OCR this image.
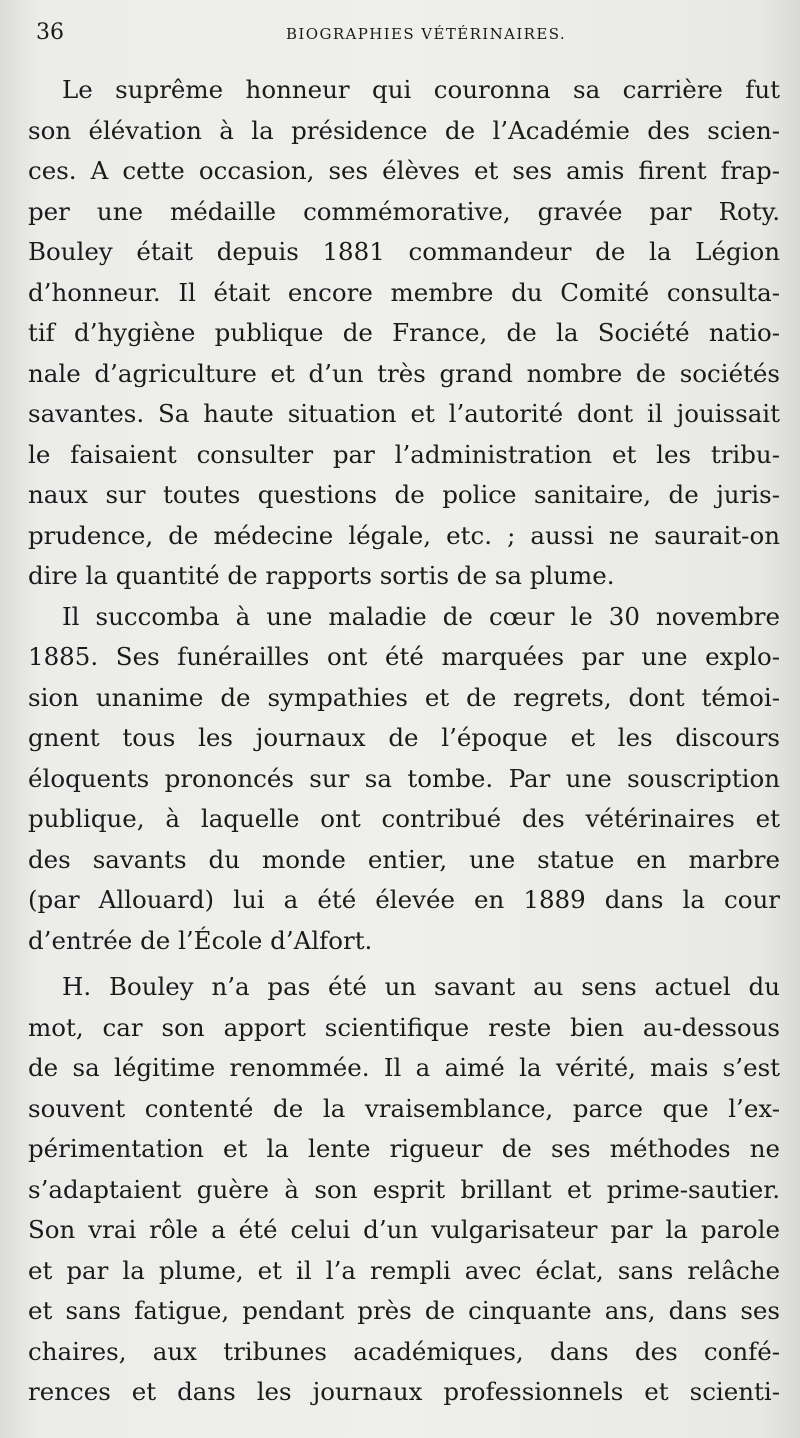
36	BIOGRAPHIES VÉTÉRINAIRES.
Le suprême honneur qui couronna sa carrière fut
son élévation à la présidence de l’Académie des scien-
ces. A cette occasion, ses élèves et ses amis firent frap-
per une médaille commémorative, gravée par Roty.
Bouley était depuis 1881 commandeur de la Légion
d’honneur. Il était encore membre du Comité consulta-
tif d’hygiène publique de France, de la Société natio-
nale d’agriculture et d’un très grand nombre de sociétés
savantes. Sa haute situation et l’autorité dont il jouissait
le faisaient consulter par l’administration et les tribu-
naux sur toutes questions de police sanitaire, de juris-
prudence, de médecine légale, etc. ; aussi ne saurait-on
dire la quantité de rapports sortis de sa plume.
Il succomba à une maladie de cœur le 30 novembre
1885. Ses funérailles ont été marquées par une explo-
sion unanime de sympathies et de regrets, dont témoi-
gnent tous les journaux de l’époque et les discours
éloquents prononcés sur sa tombe. Par une souscription
publique, à laquelle ont contribué des vétérinaires et
des savants du monde entier, une statue en marbre
(par Allouard) lui a été élevée en 1889 dans la cour
d’entrée de l’École d’Alfort.
H. Bouley n’a pas été un savant au sens actuel du
mot, car son apport scientifique reste bien au-dessous
de sa légitime renommée. Il a aimé la vérité, mais s’est
souvent contenté de la vraisemblance, parce que l’ex-
périmentation et la lente rigueur de ses méthodes ne
s’adaptaient guère à son esprit brillant et prime-sautier.
Son vrai rôle a été celui d’un vulgarisateur par la parole
et par la plume, et il l’a rempli avec éclat, sans relâche
et sans fatigue, pendant près de cinquante ans, dans ses
chaires, aux tribunes académiques, dans des confé-
rences et dans les journaux professionnels et scienti-
